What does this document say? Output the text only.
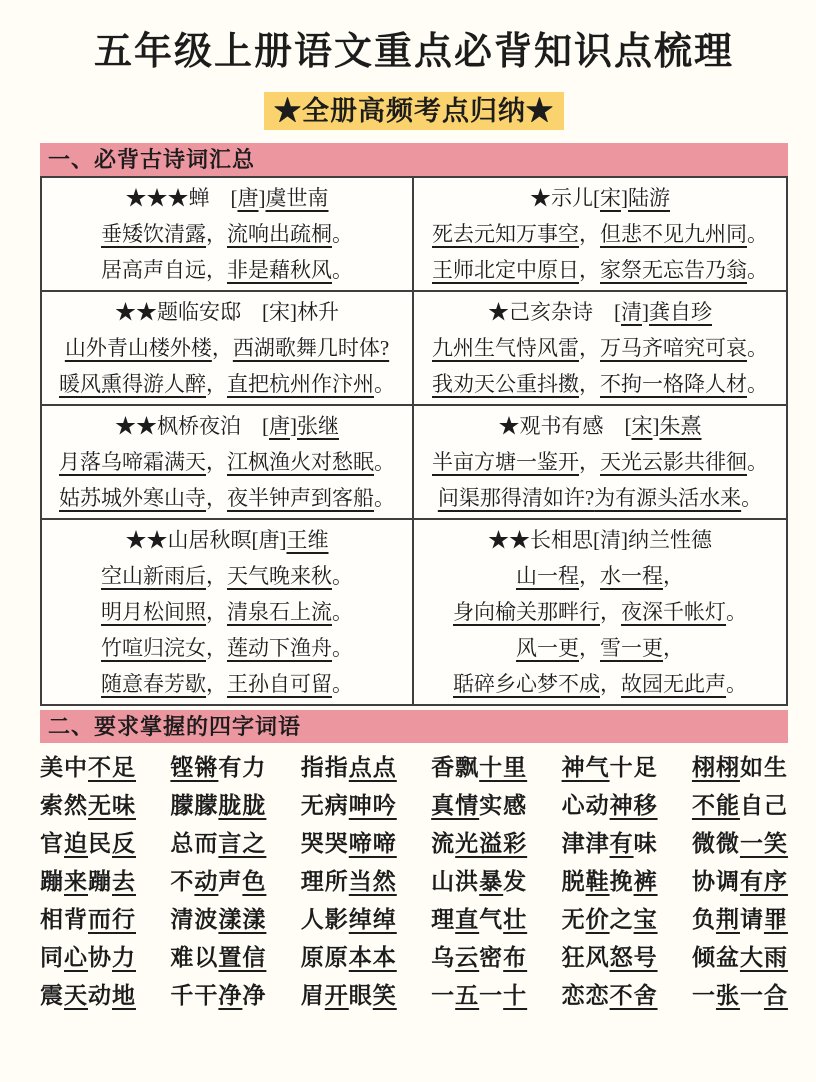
五年级上册语文重点必背知识点梳理
★全册高频考点归纳★
一、必背古诗词汇总
★★★蝉　[唐]虞世南
垂矮饮清露，流响出疏桐。
居高声自远，非是藉秋风。
★示儿[宋]陆游
死去元知万事空，但悲不见九州同。
王师北定中原日，家祭无忘告乃翁。
★★题临安邸　[宋]林升
山外青山楼外楼，西湖歌舞几时体?
暖风熏得游人醉，直把杭州作汴州。
★己亥杂诗　[清]龚自珍
九州生气恃风雷，万马齐喑究可哀。
我劝天公重抖擞，不拘一格降人材。
★★枫桥夜泊　[唐]张继
月落乌啼霜满天，江枫渔火对愁眠。
姑苏城外寒山寺，夜半钟声到客船。
★观书有感　[宋]朱熹
半亩方塘一鉴开，天光云影共徘徊。
问渠那得清如许?为有源头活水来。
★★山居秋暝[唐]王维
空山新雨后，天气晚来秋。
明月松间照，清泉石上流。
竹喧归浣女，莲动下渔舟。
随意春芳歇，王孙自可留。
★★长相思[清]纳兰性德
山一程，水一程，
身向榆关那畔行，夜深千帐灯。
风一更，雪一更，
聒碎乡心梦不成，故园无此声。
二、要求掌握的四字词语
美中不足 铿锵有力 指指点点 香飘十里 神气十足 栩栩如生
索然无味 朦朦胧胧 无病呻吟 真情实感 心动神移 不能自己
官迫民反 总而言之 哭哭啼啼 流光溢彩 津津有味 微微一笑
蹦来蹦去 不动声色 理所当然 山洪暴发 脱鞋挽裤 协调有序
相背而行 清波漾漾 人影绰绰 理直气壮 无价之宝 负荆请罪
同心协力 难以置信 原原本本 乌云密布 狂风怒号 倾盆大雨
震天动地 千干净净 眉开眼笑 一五一十 恋恋不舍 一张一合
